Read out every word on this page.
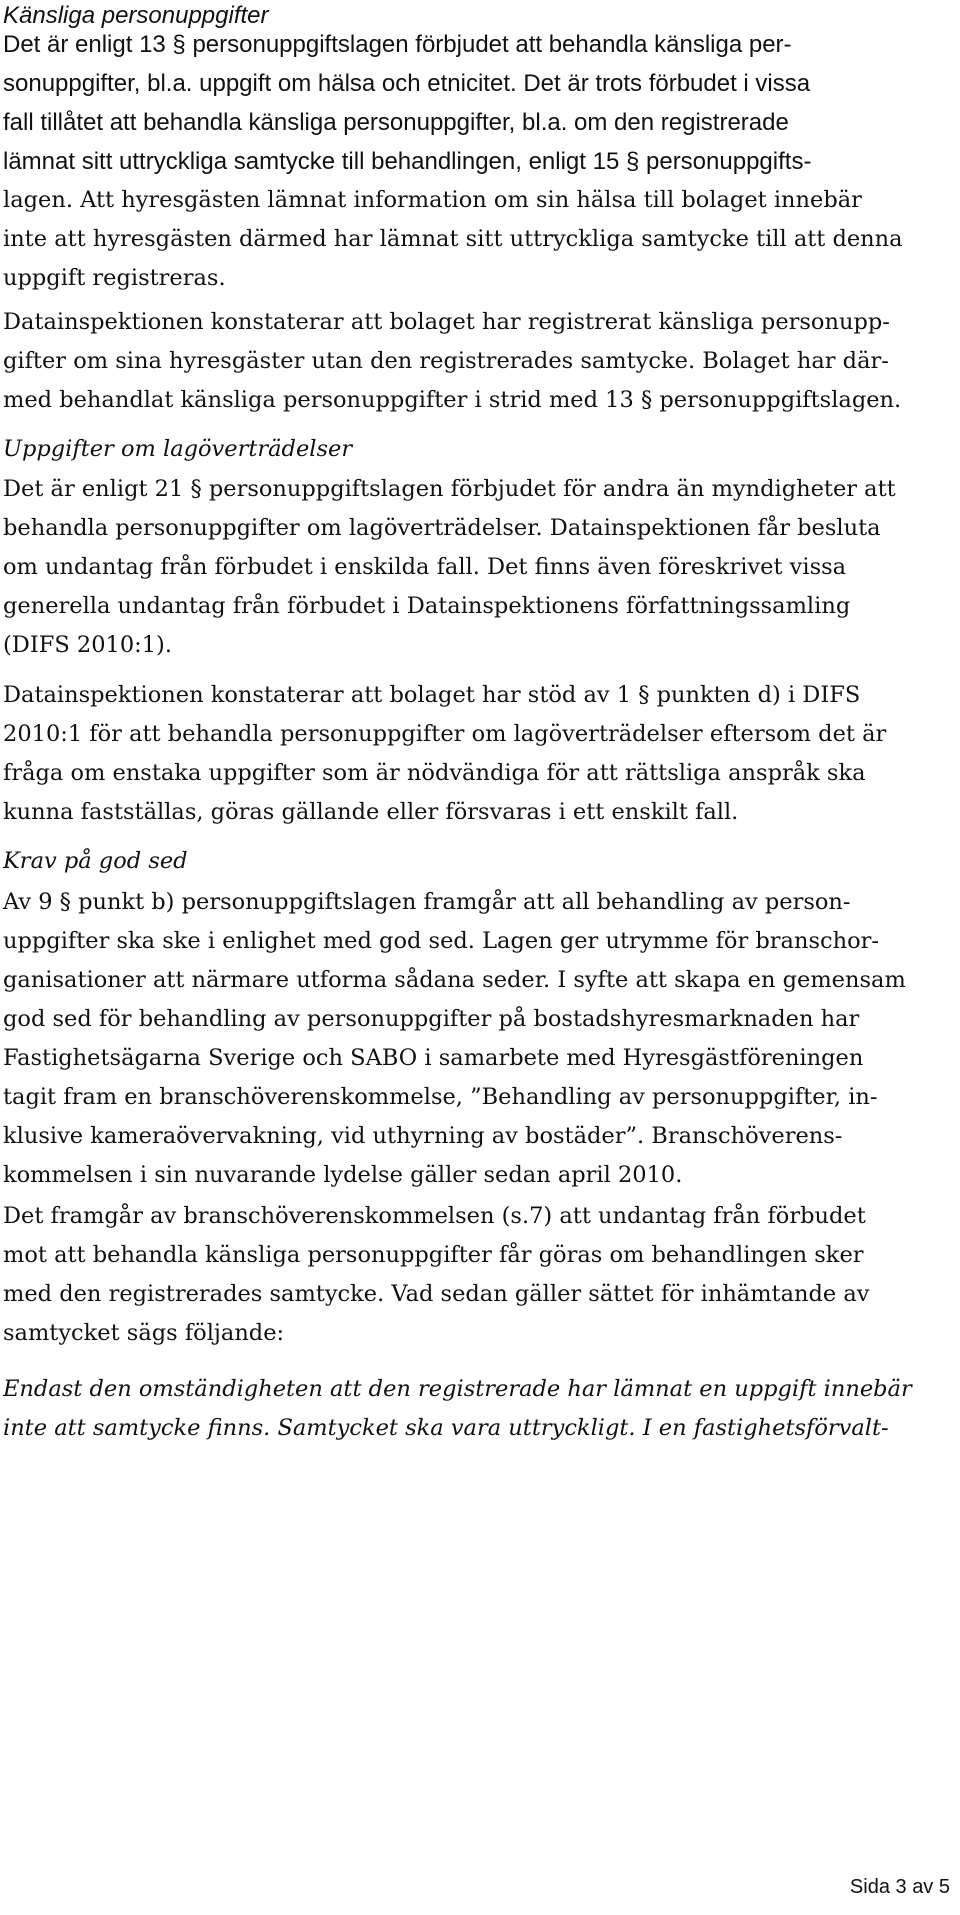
Känsliga personuppgifter

Det är enligt 13 § personuppgiftslagen förbjudet att behandla känsliga per-
sonuppgifter, bl.a. uppgift om hälsa och etnicitet. Det är trots förbudet i vissa
fall tillåtet att behandla känsliga personuppgifter, bl.a. om den registrerade
lämnat sitt uttryckliga samtycke till behandlingen, enligt 15 § personuppgifts-
lagen. Att hyresgästen lämnat information om sin hälsa till bolaget innebär
inte att hyresgästen därmed har lämnat sitt uttryckliga samtycke till att denna
uppgift registreras.

Datainspektionen konstaterar att bolaget har registrerat känsliga personupp-
gifter om sina hyresgäster utan den registrerades samtycke. Bolaget har där-
med behandlat känsliga personuppgifter i strid med 13 § personuppgiftslagen.

Uppgifter om lagöverträdelser

Det är enligt 21 § personuppgiftslagen förbjudet för andra än myndigheter att
behandla personuppgifter om lagöverträdelser. Datainspektionen får besluta
om undantag från förbudet i enskilda fall. Det finns även föreskrivet vissa
generella undantag från förbudet i Datainspektionens författningssamling
(DIFS 2010:1).

Datainspektionen konstaterar att bolaget har stöd av 1 § punkten d) i DIFS
2010:1 för att behandla personuppgifter om lagöverträdelser eftersom det är
fråga om enstaka uppgifter som är nödvändiga för att rättsliga anspråk ska
kunna fastställas, göras gällande eller försvaras i ett enskilt fall.

Krav på god sed

Av 9 § punkt b) personuppgiftslagen framgår att all behandling av person-
uppgifter ska ske i enlighet med god sed. Lagen ger utrymme för branschor-
ganisationer att närmare utforma sådana seder. I syfte att skapa en gemensam
god sed för behandling av personuppgifter på bostadshyresmarknaden har
Fastighetsägarna Sverige och SABO i samarbete med Hyresgästföreningen
tagit fram en branschöverenskommelse, ”Behandling av personuppgifter, in-
klusive kameraövervakning, vid uthyrning av bostäder”. Branschöverens-
kommelsen i sin nuvarande lydelse gäller sedan april 2010.

Det framgår av branschöverenskommelsen (s.7) att undantag från förbudet
mot att behandla känsliga personuppgifter får göras om behandlingen sker
med den registrerades samtycke. Vad sedan gäller sättet för inhämtande av
samtycket sägs följande:

Endast den omständigheten att den registrerade har lämnat en uppgift innebär
inte att samtycke finns. Samtycket ska vara uttryckligt. I en fastighetsförvalt-

Sida 3 av 5
